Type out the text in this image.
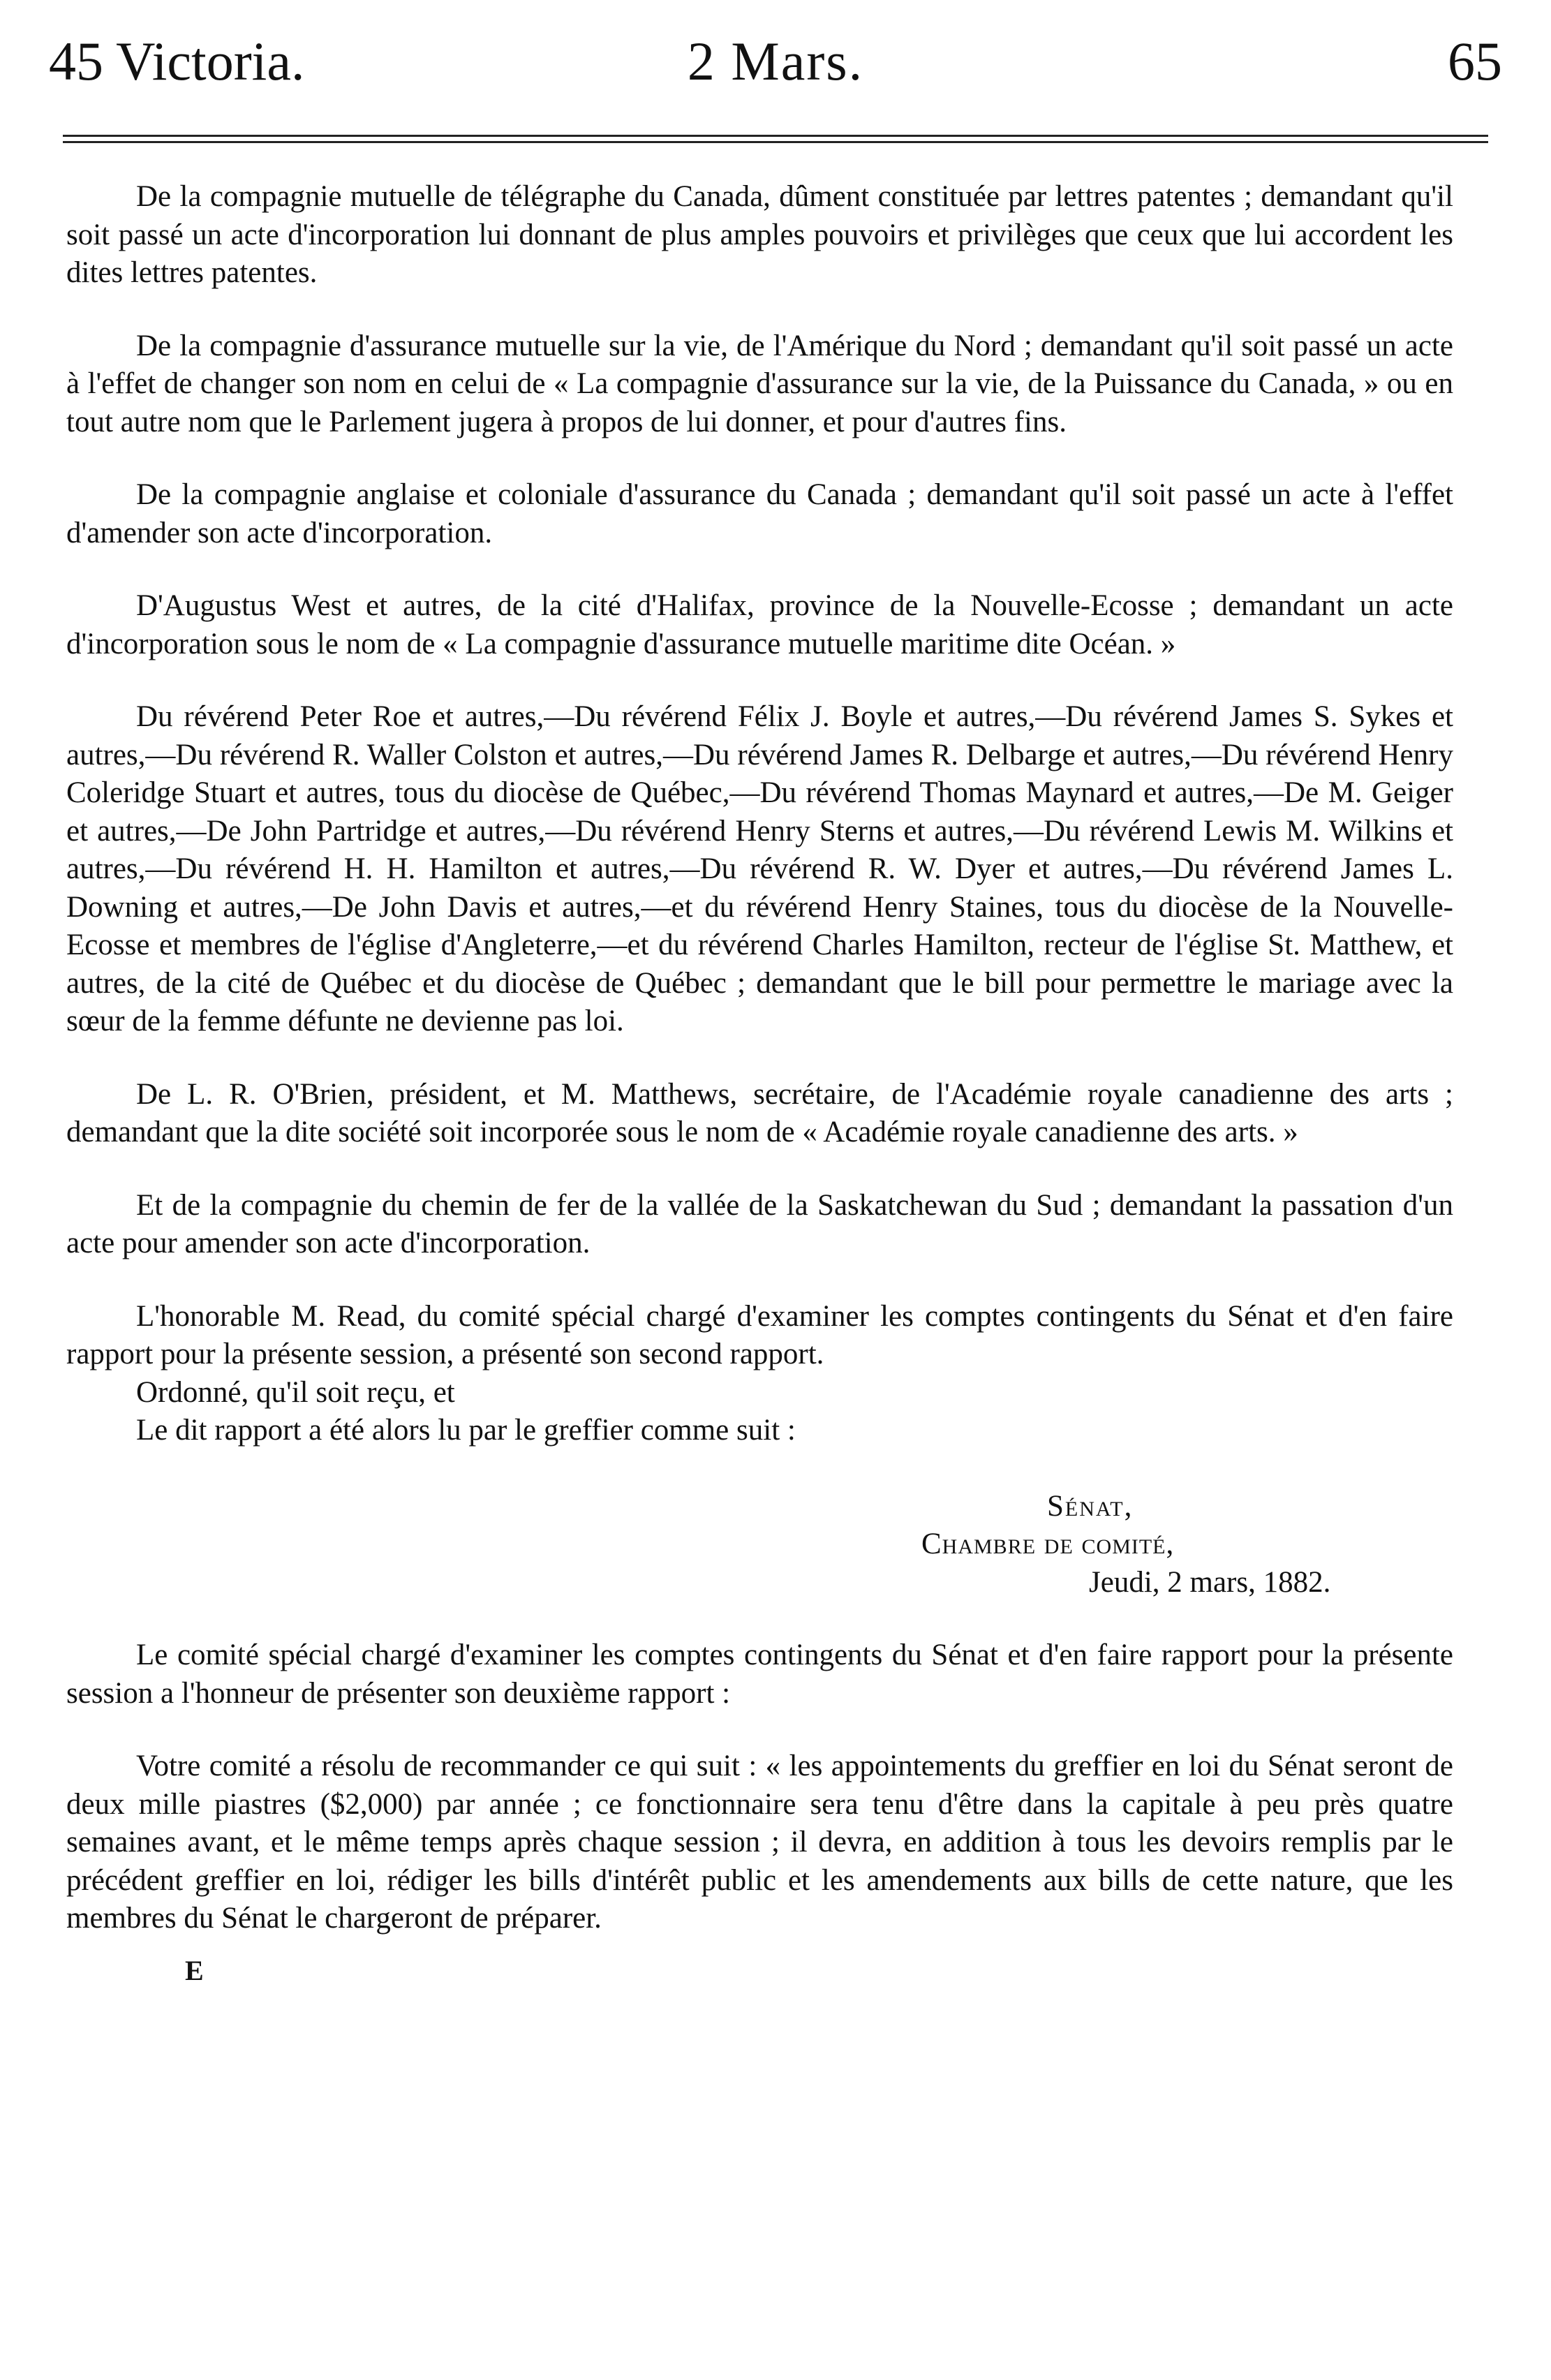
45 Victoria.	2 Mars.	65

De la compagnie mutuelle de télégraphe du Canada, dûment constituée par lettres patentes ; demandant qu'il soit passé un acte d'incorporation lui donnant de plus amples pouvoirs et privilèges que ceux que lui accordent les dites lettres patentes.

De la compagnie d'assurance mutuelle sur la vie, de l'Amérique du Nord ; demandant qu'il soit passé un acte à l'effet de changer son nom en celui de « La compagnie d'assurance sur la vie, de la Puissance du Canada, » ou en tout autre nom que le Parlement jugera à propos de lui donner, et pour d'autres fins.

De la compagnie anglaise et coloniale d'assurance du Canada ; demandant qu'il soit passé un acte à l'effet d'amender son acte d'incorporation.

D'Augustus West et autres, de la cité d'Halifax, province de la Nouvelle-Ecosse ; demandant un acte d'incorporation sous le nom de « La compagnie d'assurance mutuelle maritime dite Océan. »

Du révérend Peter Roe et autres,—Du révérend Félix J. Boyle et autres,—Du révérend James S. Sykes et autres,—Du révérend R. Waller Colston et autres,—Du révérend James R. Delbarge et autres,—Du révérend Henry Coleridge Stuart et autres, tous du diocèse de Québec,—Du révérend Thomas Maynard et autres,—De M. Geiger et autres,—De John Partridge et autres,—Du révérend Henry Sterns et autres,—Du révérend Lewis M. Wilkins et autres,—Du révérend H. H. Hamilton et autres,—Du révérend R. W. Dyer et autres,—Du révérend James L. Downing et autres,—De John Davis et autres,—et du révérend Henry Staines, tous du diocèse de la Nouvelle-Ecosse et membres de l'église d'Angleterre,—et du révérend Charles Hamilton, recteur de l'église St. Matthew, et autres, de la cité de Québec et du diocèse de Québec ; demandant que le bill pour permettre le mariage avec la sœur de la femme défunte ne devienne pas loi.

De L. R. O'Brien, président, et M. Matthews, secrétaire, de l'Académie royale canadienne des arts ; demandant que la dite société soit incorporée sous le nom de « Académie royale canadienne des arts. »

Et de la compagnie du chemin de fer de la vallée de la Saskatchewan du Sud ; demandant la passation d'un acte pour amender son acte d'incorporation.

L'honorable M. Read, du comité spécial chargé d'examiner les comptes contingents du Sénat et d'en faire rapport pour la présente session, a présenté son second rapport.

Ordonné, qu'il soit reçu, et

Le dit rapport a été alors lu par le greffier comme suit :

Sénat,
Chambre de comité,
Jeudi, 2 mars, 1882.

Le comité spécial chargé d'examiner les comptes contingents du Sénat et d'en faire rapport pour la présente session a l'honneur de présenter son deuxième rapport :

Votre comité a résolu de recommander ce qui suit : « les appointements du greffier en loi du Sénat seront de deux mille piastres ($2,000) par année ; ce fonctionnaire sera tenu d'être dans la capitale à peu près quatre semaines avant, et le même temps après chaque session ; il devra, en addition à tous les devoirs remplis par le précédent greffier en loi, rédiger les bills d'intérêt public et les amendements aux bills de cette nature, que les membres du Sénat le chargeront de préparer.

E
